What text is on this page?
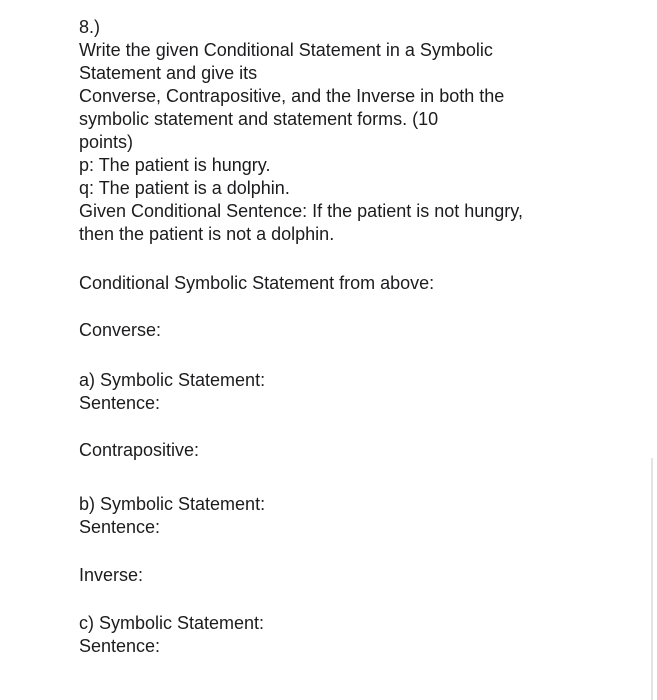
8.)

Write the given Conditional Statement in a Symbolic

Statement and give its

Converse, Contrapositive, and the Inverse in both the

symbolic statement and statement forms. (10

points)

p: The patient is hungry.

q: The patient is a dolphin.

Given Conditional Sentence: If the patient is not hungry,

then the patient is not a dolphin.

Conditional Symbolic Statement from above:

Converse:

a) Symbolic Statement:

Sentence:

Contrapositive:

b) Symbolic Statement:

Sentence:

Inverse:

c) Symbolic Statement:

Sentence:
